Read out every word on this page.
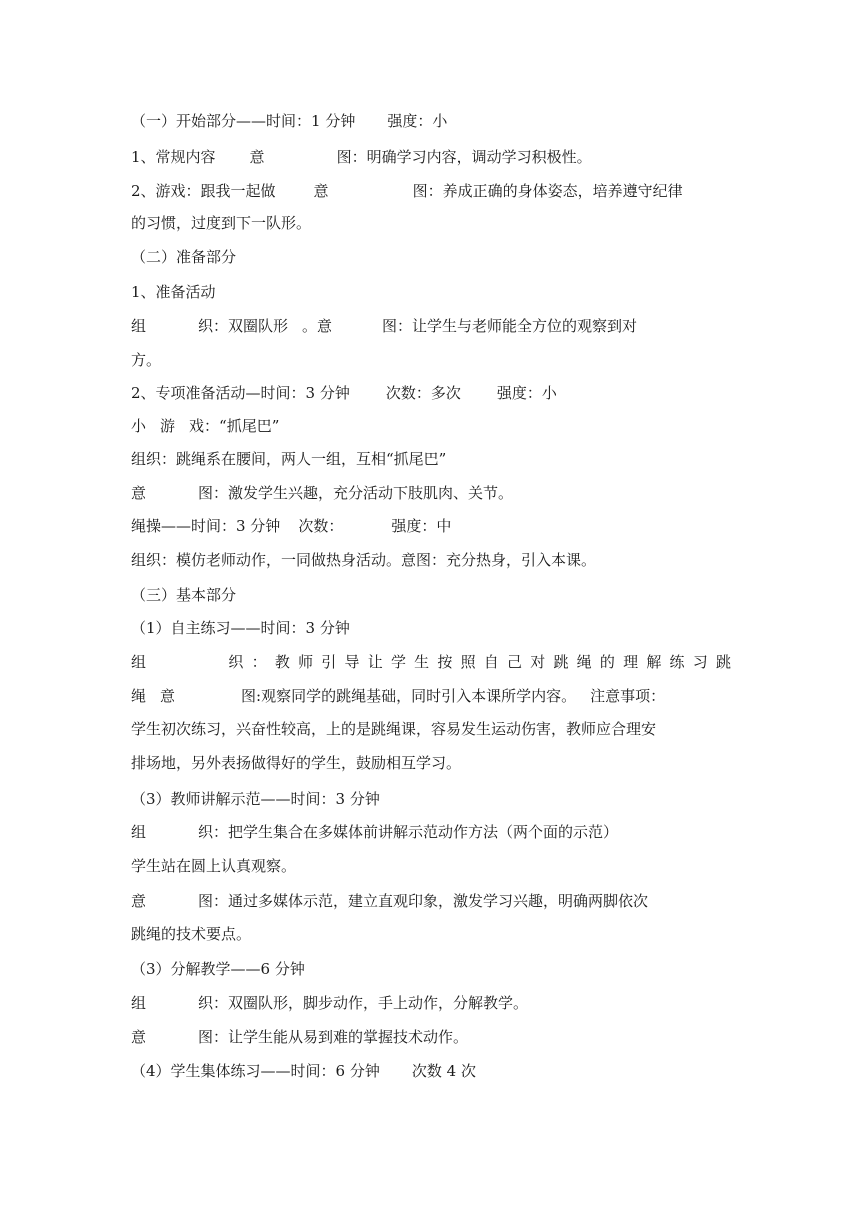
（一）开始部分——时间：1 分钟 强度：小
1、常规内容 意	图：明确学习内容，调动学习积极性。
2、游戏：跟我一起做	意	图：养成正确的身体姿态，培养遵守纪律
的习惯，过度到下一队形。
（二）准备部分
1、准备活动
组	织：双圈队形 。意	图：让学生与老师能全方位的观察到对
方。
2、专项准备活动—时间：3 分钟 次数：多次 强度：小
小 游 戏：“抓尾巴”
组织：跳绳系在腰间，两人一组，互相“抓尾巴”
意	图：激发学生兴趣，充分活动下肢肌肉、关节。
绳操——时间：3 分钟 次数：	强度：中
组织：模仿老师动作，一同做热身活动。意图：充分热身，引入本课。
（三）基本部分
（1）自主练习——时间：3 分钟
组	织：教师引导让学生按照自己对跳绳的理解练习跳
绳 意	图:观察同学的跳绳基础，同时引入本课所学内容。 注意事项：
学生初次练习，兴奋性较高，上的是跳绳课，容易发生运动伤害，教师应合理安
排场地，另外表扬做得好的学生，鼓励相互学习。
（3）教师讲解示范——时间：3 分钟
组	织：把学生集合在多媒体前讲解示范动作方法（两个面的示范）
学生站在圆上认真观察。
意	图：通过多媒体示范，建立直观印象，激发学习兴趣，明确两脚依次
跳绳的技术要点。
（3）分解教学——6 分钟
组	织：双圈队形，脚步动作，手上动作，分解教学。
意	图：让学生能从易到难的掌握技术动作。
（4）学生集体练习——时间：6 分钟 次数 4 次
